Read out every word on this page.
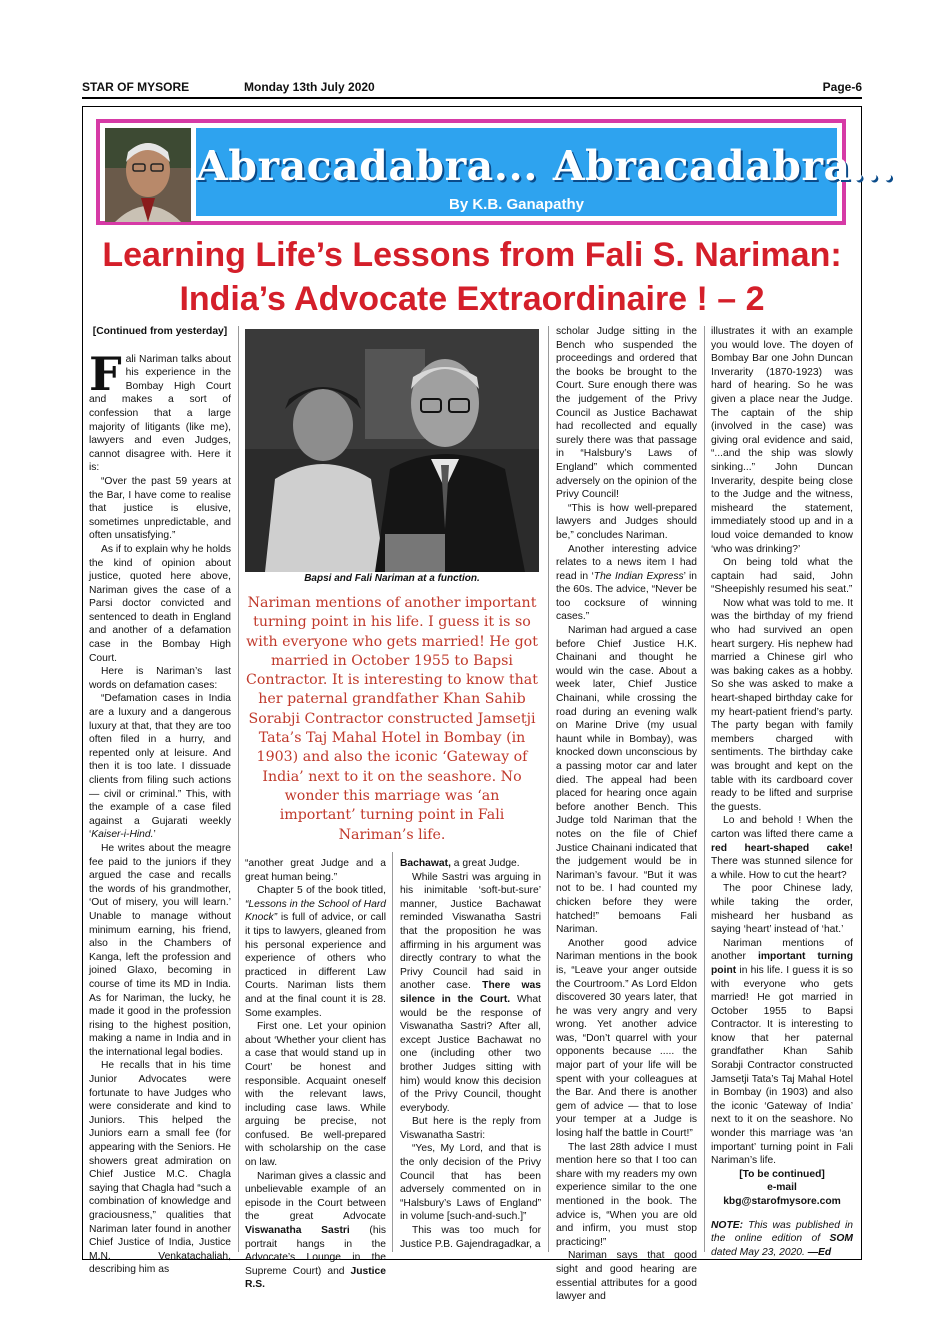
STAR OF MYSORE	Monday 13th July 2020	Page-6
Abracadabra... Abracadabra...
By K.B. Ganapathy
Learning Life’s Lessons from Fali S. Nariman:
India’s Advocate Extraordinaire ! – 2

[Continued from yesterday]

Fali Nariman talks about his experience in the Bombay High Court and makes a sort of confession that a large majority of litigants (like me), lawyers and even Judges, cannot disagree with. Here it is:

“Over the past 59 years at the Bar, I have come to realise that justice is elusive, sometimes unpredictable, and often unsatisfying.”

As if to explain why he holds the kind of opinion about justice, quoted here above, Nariman gives the case of a Parsi doctor convicted and sentenced to death in England and another of a defamation case in the Bombay High Court.

Here is Nariman’s last words on defamation cases:

“Defamation cases in India are a luxury and a dangerous luxury at that, that they are too often filed in a hurry, and repented only at leisure. And then it is too late. I dissuade clients from filing such actions — civil or criminal.” This, with the example of a case filed against a Gujarati weekly ‘Kaiser-i-Hind.’

He writes about the meagre fee paid to the juniors if they argued the case and recalls the words of his grandmother, ‘Out of misery, you will learn.’ Unable to manage without minimum earning, his friend, also in the Chambers of Kanga, left the profession and joined Glaxo, becoming in course of time its MD in India. As for Nariman, the lucky, he made it good in the profession rising to the highest position, making a name in India and in the international legal bodies.

He recalls that in his time Junior Advocates were fortunate to have Judges who were considerate and kind to Juniors. This helped the Juniors earn a small fee (for appearing with the Seniors. He showers great admiration on Chief Justice M.C. Chagla saying that Chagla had “such a combination of knowledge and graciousness,” qualities that Nariman later found in another Chief Justice of India, Justice M.N. Venkatachaliah, describing him as

Bapsi and Fali Nariman at a function.
Nariman mentions of another important turning point in his life. I guess it is so with everyone who gets married! He got married in October 1955 to Bapsi Contractor. It is interesting to know that her paternal grandfather Khan Sahib Sorabji Contractor constructed Jamsetji Tata’s Taj Mahal Hotel in Bombay (in 1903) and also the iconic ‘Gateway of India’ next to it on the seashore. No wonder this marriage was ‘an important’ turning point in Fali Nariman’s life.

“another great Judge and a great human being.”

Chapter 5 of the book titled, “Lessons in the School of Hard Knock” is full of advice, or call it tips to lawyers, gleaned from his personal experience and experience of others who practiced in different Law Courts. Nariman lists them and at the final count it is 28. Some examples.

First one. Let your opinion about ‘Whether your client has a case that would stand up in Court’ be honest and responsible. Acquaint oneself with the relevant laws, including case laws. While arguing be precise, not confused. Be well-prepared with scholarship on the case on law.

Nariman gives a classic and unbelievable example of an episode in the Court between the great Advocate Viswanatha Sastri (his portrait hangs in the Advocate’s Lounge in the Supreme Court) and Justice R.S.

Bachawat, a great Judge.

While Sastri was arguing in his inimitable ‘soft-but-sure’ manner, Justice Bachawat reminded Viswanatha Sastri that the proposition he was affirming in his argument was directly contrary to what the Privy Council had said in another case. There was silence in the Court. What would be the response of Viswanatha Sastri? After all, except Justice Bachawat no one (including other two brother Judges sitting with him) would know this decision of the Privy Council, thought everybody.

But here is the reply from Viswanatha Sastri:

“Yes, My Lord, and that is the only decision of the Privy Council that has been adversely commented on in “Halsbury’s Laws of England” in volume [such-and-such.]”

This was too much for Justice P.B. Gajendragadkar, a

scholar Judge sitting in the Bench who suspended the proceedings and ordered that the books be brought to the Court. Sure enough there was the judgement of the Privy Council as Justice Bachawat had recollected and equally surely there was that passage in “Halsbury’s Laws of England” which commented adversely on the opinion of the Privy Council!

“This is how well-prepared lawyers and Judges should be,” concludes Nariman.

Another interesting advice relates to a news item I had read in ‘The Indian Express’ in the 60s. The advice, “Never be too cocksure of winning cases.”

Nariman had argued a case before Chief Justice H.K. Chainani and thought he would win the case. About a week later, Chief Justice Chainani, while crossing the road during an evening walk on Marine Drive (my usual haunt while in Bombay), was knocked down unconscious by a passing motor car and later died. The appeal had been placed for hearing once again before another Bench. This Judge told Nariman that the notes on the file of Chief Justice Chainani indicated that the judgement would be in Nariman’s favour. “But it was not to be. I had counted my chicken before they were hatched!” bemoans Fali Nariman.

Another good advice Nariman mentions in the book is, “Leave your anger outside the Courtroom.” As Lord Eldon discovered 30 years later, that he was very angry and very wrong. Yet another advice was, “Don’t quarrel with your opponents because ..... the major part of your life will be spent with your colleagues at the Bar. And there is another gem of advice — that to lose your temper at a Judge is losing half the battle in Court!”

The last 28th advice I must mention here so that I too can share with my readers my own experience similar to the one mentioned in the book. The advice is, “When you are old and infirm, you must stop practicing!”

Nariman says that good sight and good hearing are essential attributes for a good lawyer and

illustrates it with an example you would love. The doyen of Bombay Bar one John Duncan Inverarity (1870-1923) was hard of hearing. So he was given a place near the Judge. The captain of the ship (involved in the case) was giving oral evidence and said, “...and the ship was slowly sinking...” John Duncan Inverarity, despite being close to the Judge and the witness, misheard the statement, immediately stood up and in a loud voice demanded to know ‘who was drinking?’

On being told what the captain had said, John “Sheepishly resumed his seat.”

Now what was told to me. It was the birthday of my friend who had survived an open heart surgery. His nephew had married a Chinese girl who was baking cakes as a hobby. So she was asked to make a heart-shaped birthday cake for my heart-patient friend’s party. The party began with family members charged with sentiments. The birthday cake was brought and kept on the table with its cardboard cover ready to be lifted and surprise the guests.

Lo and behold ! When the carton was lifted there came a red heart-shaped cake! There was stunned silence for a while. How to cut the heart?

The poor Chinese lady, while taking the order, misheard her husband as saying ‘heart’ instead of ‘hat.’

Nariman mentions of another important turning point in his life. I guess it is so with everyone who gets married! He got married in October 1955 to Bapsi Contractor. It is interesting to know that her paternal grandfather Khan Sahib Sorabji Contractor constructed Jamsetji Tata’s Taj Mahal Hotel in Bombay (in 1903) and also the iconic ‘Gateway of India’ next to it on the seashore. No wonder this marriage was ‘an important’ turning point in Fali Nariman’s life.

[To be continued]

e-mail

kbg@starofmysore.com

NOTE: This was published in the online edition of SOM dated May 23, 2020. —Ed
